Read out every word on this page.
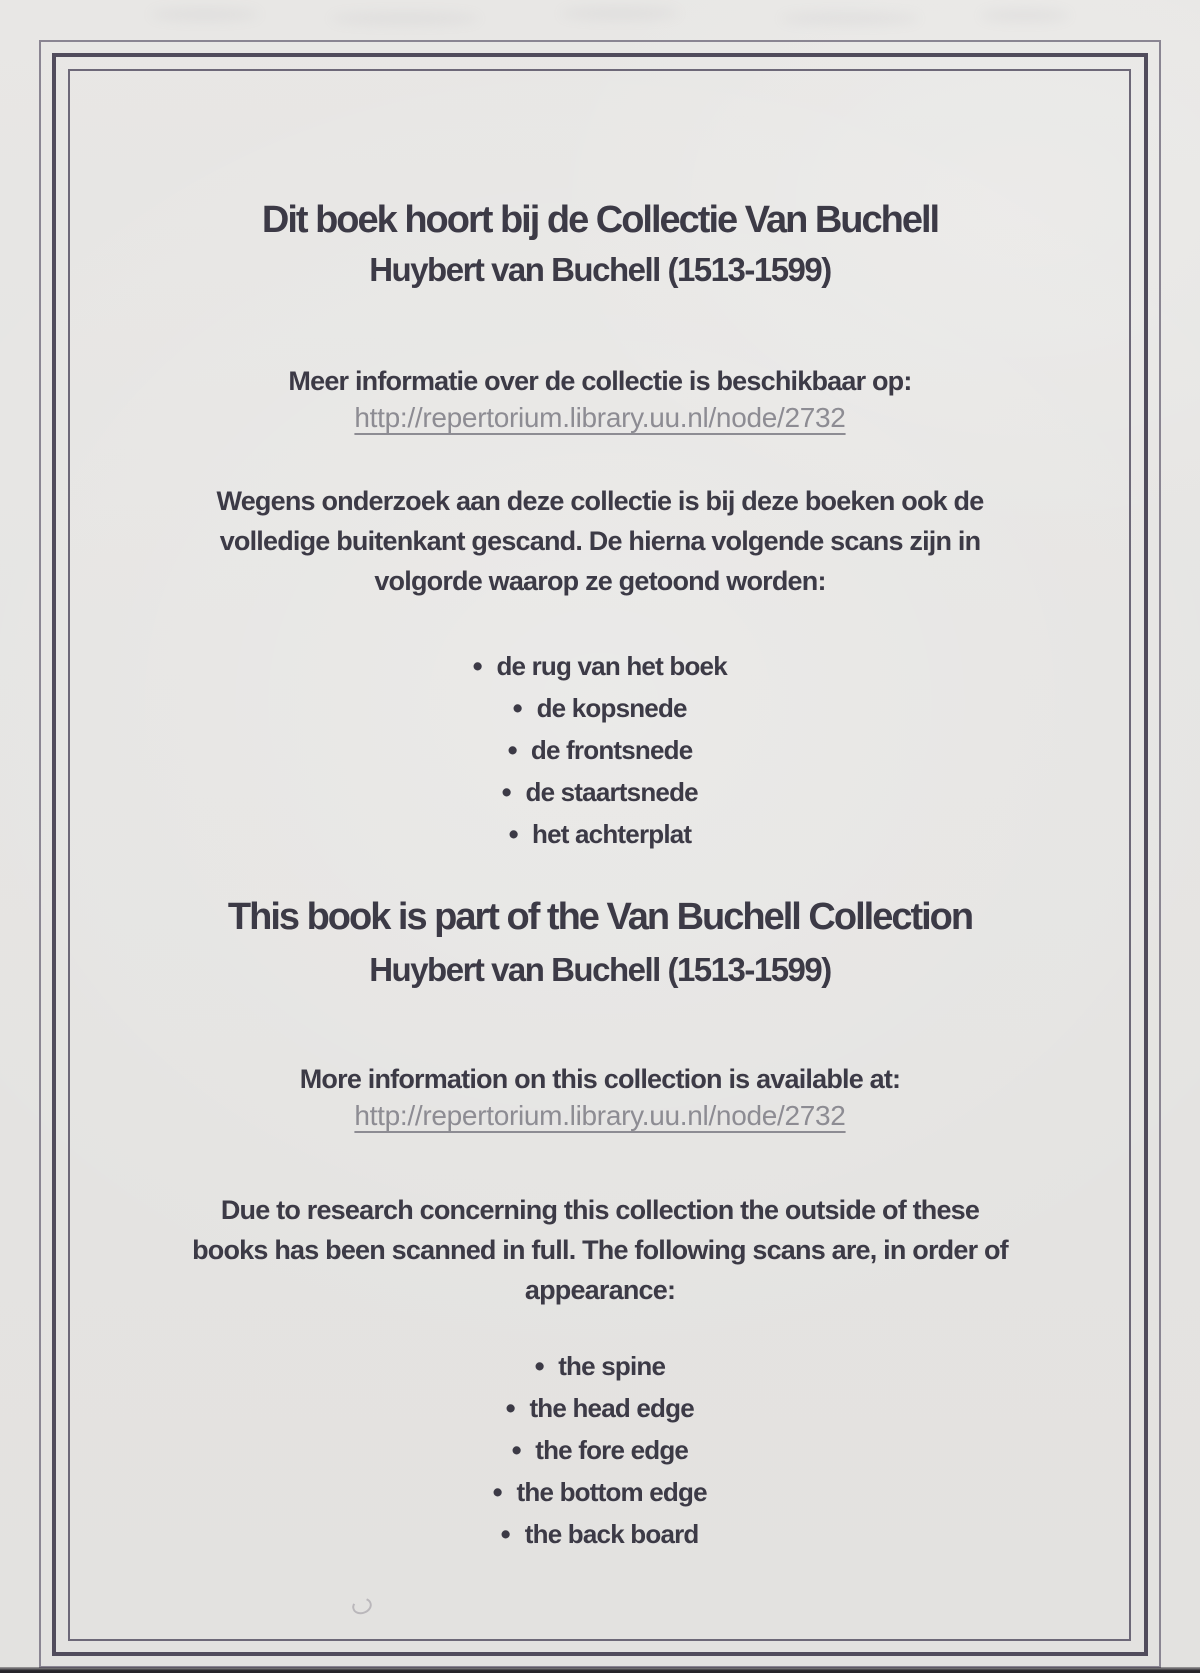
Dit boek hoort bij de Collectie Van Buchell
Huybert van Buchell (1513-1599)
Meer informatie over de collectie is beschikbaar op:
http://repertorium.library.uu.nl/node/2732
Wegens onderzoek aan deze collectie is bij deze boeken ook de
volledige buitenkant gescand. De hierna volgende scans zijn in
volgorde waarop ze getoond worden:
• de rug van het boek
• de kopsnede
• de frontsnede
• de staartsnede
• het achterplat
This book is part of the Van Buchell Collection
Huybert van Buchell (1513-1599)
More information on this collection is available at:
http://repertorium.library.uu.nl/node/2732
Due to research concerning this collection the outside of these
books has been scanned in full. The following scans are, in order of
appearance:
• the spine
• the head edge
• the fore edge
• the bottom edge
• the back board
